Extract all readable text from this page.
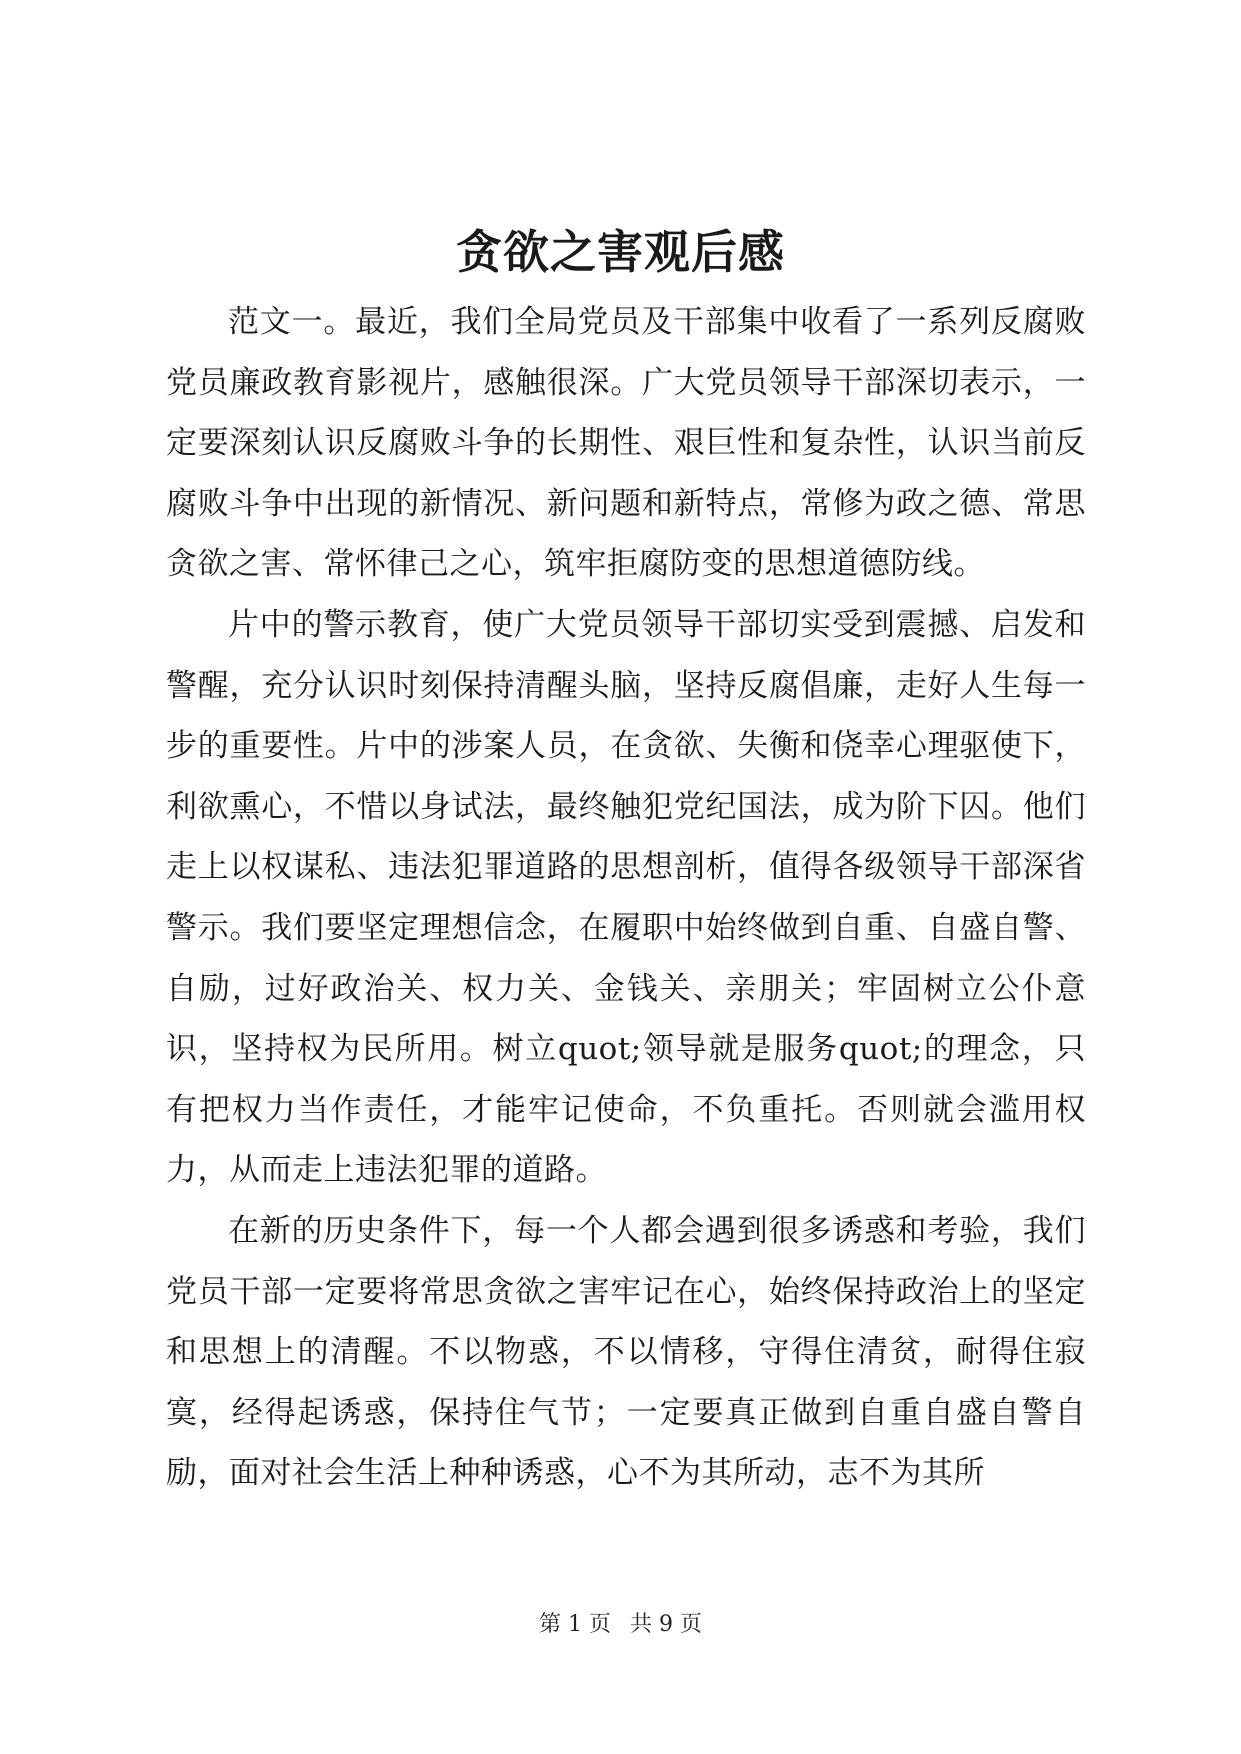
贪欲之害观后感

范文一。最近，我们全局党员及干部集中收看了一系列反腐败党员廉政教育影视片，感触很深。广大党员领导干部深切表示，一定要深刻认识反腐败斗争的长期性、艰巨性和复杂性，认识当前反腐败斗争中出现的新情况、新问题和新特点，常修为政之德、常思贪欲之害、常怀律己之心，筑牢拒腐防变的思想道德防线。

片中的警示教育，使广大党员领导干部切实受到震撼、启发和警醒，充分认识时刻保持清醒头脑，坚持反腐倡廉，走好人生每一步的重要性。片中的涉案人员，在贪欲、失衡和侥幸心理驱使下，利欲熏心，不惜以身试法，最终触犯党纪国法，成为阶下囚。他们走上以权谋私、违法犯罪道路的思想剖析，值得各级领导干部深省警示。我们要坚定理想信念，在履职中始终做到自重、自盛自警、自励，过好政治关、权力关、金钱关、亲朋关；牢固树立公仆意识，坚持权为民所用。树立quot;领导就是服务quot;的理念，只有把权力当作责任，才能牢记使命，不负重托。否则就会滥用权力，从而走上违法犯罪的道路。

在新的历史条件下，每一个人都会遇到很多诱惑和考验，我们党员干部一定要将常思贪欲之害牢记在心，始终保持政治上的坚定和思想上的清醒。不以物惑，不以情移，守得住清贫，耐得住寂寞，经得起诱惑，保持住气节；一定要真正做到自重自盛自警自励，面对社会生活上种种诱惑，心不为其所动，志不为其所

第 1 页 共 9 页
